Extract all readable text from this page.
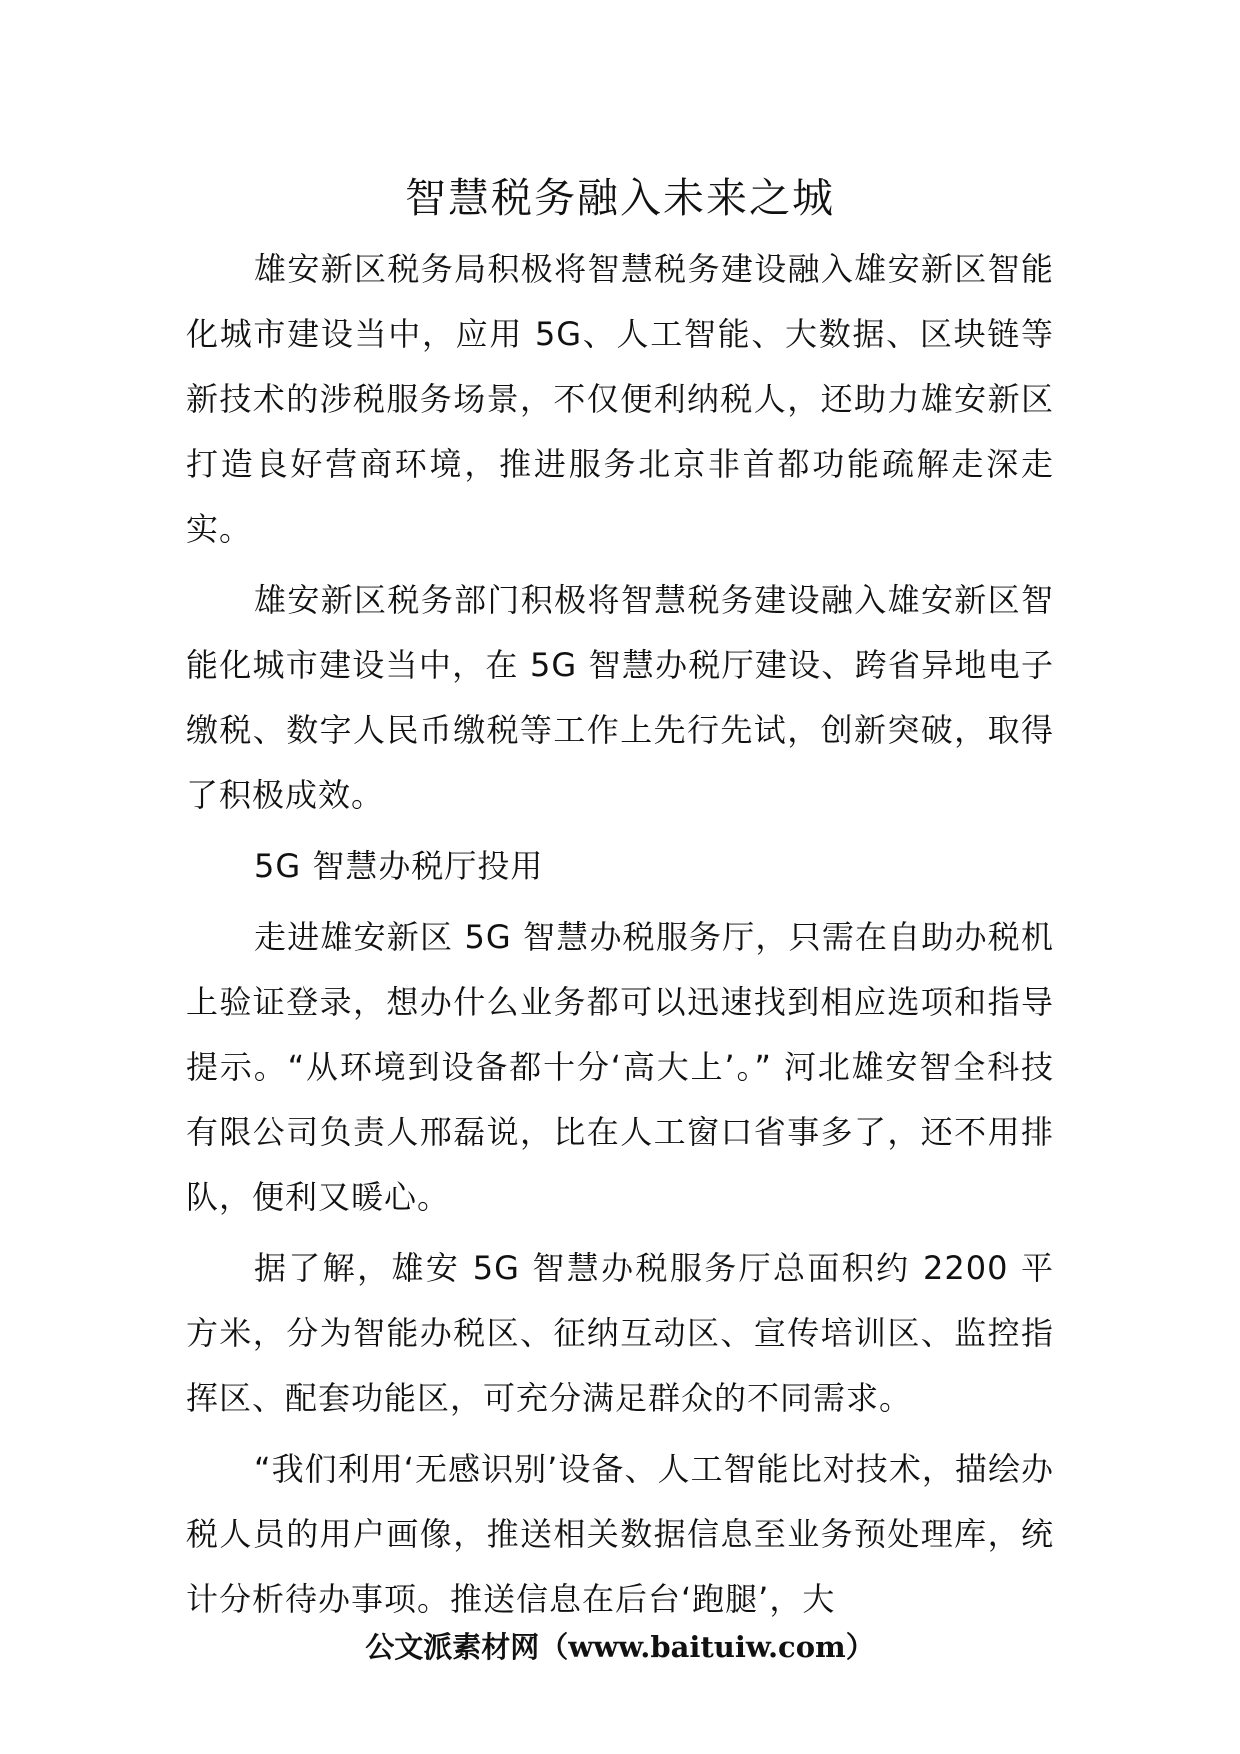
智慧税务融入未来之城

雄安新区税务局积极将智慧税务建设融入雄安新区智能化城市建设当中，应用 5G、人工智能、大数据、区块链等新技术的涉税服务场景，不仅便利纳税人，还助力雄安新区打造良好营商环境，推进服务北京非首都功能疏解走深走实。

雄安新区税务部门积极将智慧税务建设融入雄安新区智能化城市建设当中，在 5G 智慧办税厅建设、跨省异地电子缴税、数字人民币缴税等工作上先行先试，创新突破，取得了积极成效。

5G 智慧办税厅投用

走进雄安新区 5G 智慧办税服务厅，只需在自助办税机上验证登录，想办什么业务都可以迅速找到相应选项和指导提示。“从环境到设备都十分‘高大上’。” 河北雄安智全科技有限公司负责人邢磊说，比在人工窗口省事多了，还不用排队，便利又暖心。

据了解，雄安 5G 智慧办税服务厅总面积约 2200 平方米，分为智能办税区、征纳互动区、宣传培训区、监控指挥区、配套功能区，可充分满足群众的不同需求。

“我们利用‘无感识别’设备、人工智能比对技术，描绘办税人员的用户画像，推送相关数据信息至业务预处理库，统计分析待办事项。推送信息在后台‘跑腿’，大

公文派素材网（www.baituiw.com）
